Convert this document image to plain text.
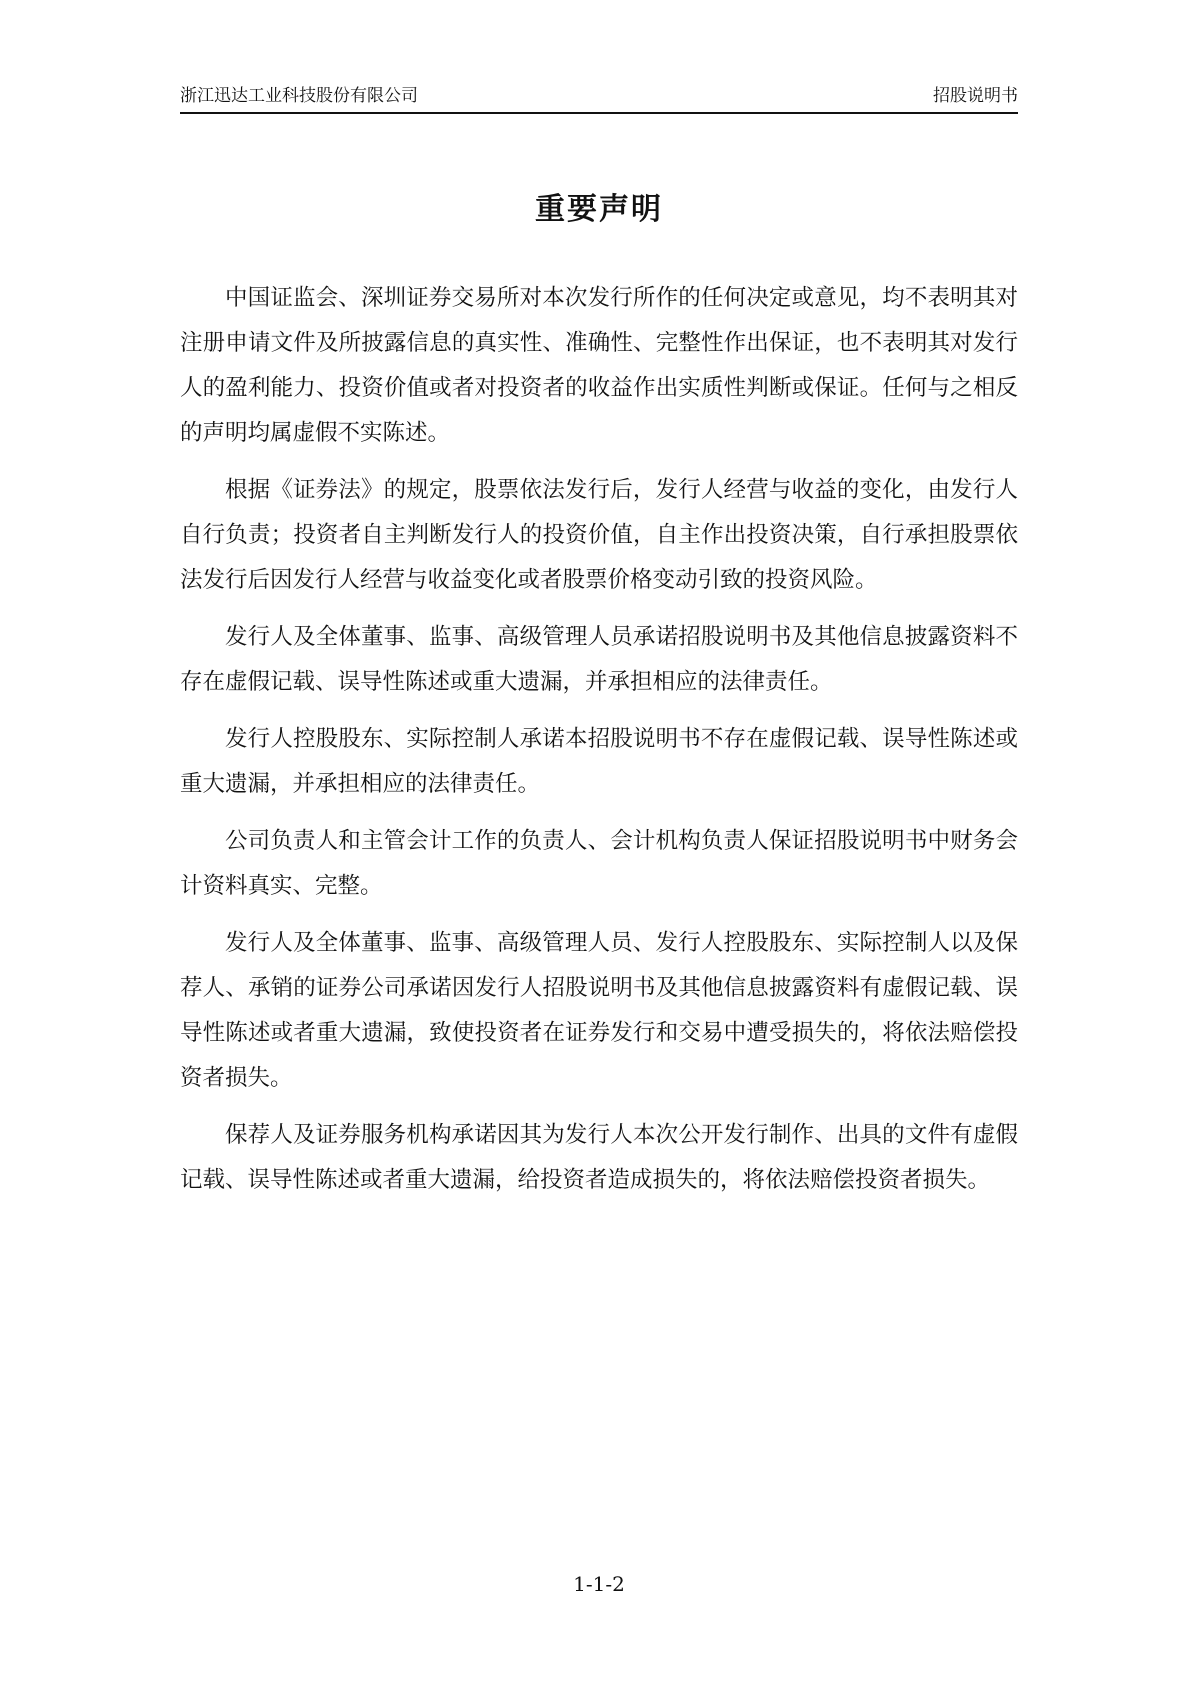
浙江迅达工业科技股份有限公司	招股说明书
重要声明

中国证监会、深圳证券交易所对本次发行所作的任何决定或意见，均不表明其对注册申请文件及所披露信息的真实性、准确性、完整性作出保证，也不表明其对发行人的盈利能力、投资价值或者对投资者的收益作出实质性判断或保证。任何与之相反的声明均属虚假不实陈述。

根据《证券法》的规定，股票依法发行后，发行人经营与收益的变化，由发行人自行负责；投资者自主判断发行人的投资价值，自主作出投资决策，自行承担股票依法发行后因发行人经营与收益变化或者股票价格变动引致的投资风险。

发行人及全体董事、监事、高级管理人员承诺招股说明书及其他信息披露资料不存在虚假记载、误导性陈述或重大遗漏，并承担相应的法律责任。

发行人控股股东、实际控制人承诺本招股说明书不存在虚假记载、误导性陈述或重大遗漏，并承担相应的法律责任。

公司负责人和主管会计工作的负责人、会计机构负责人保证招股说明书中财务会计资料真实、完整。

发行人及全体董事、监事、高级管理人员、发行人控股股东、实际控制人以及保荐人、承销的证券公司承诺因发行人招股说明书及其他信息披露资料有虚假记载、误导性陈述或者重大遗漏，致使投资者在证券发行和交易中遭受损失的，将依法赔偿投资者损失。

保荐人及证券服务机构承诺因其为发行人本次公开发行制作、出具的文件有虚假记载、误导性陈述或者重大遗漏，给投资者造成损失的，将依法赔偿投资者损失。

1-1-2
